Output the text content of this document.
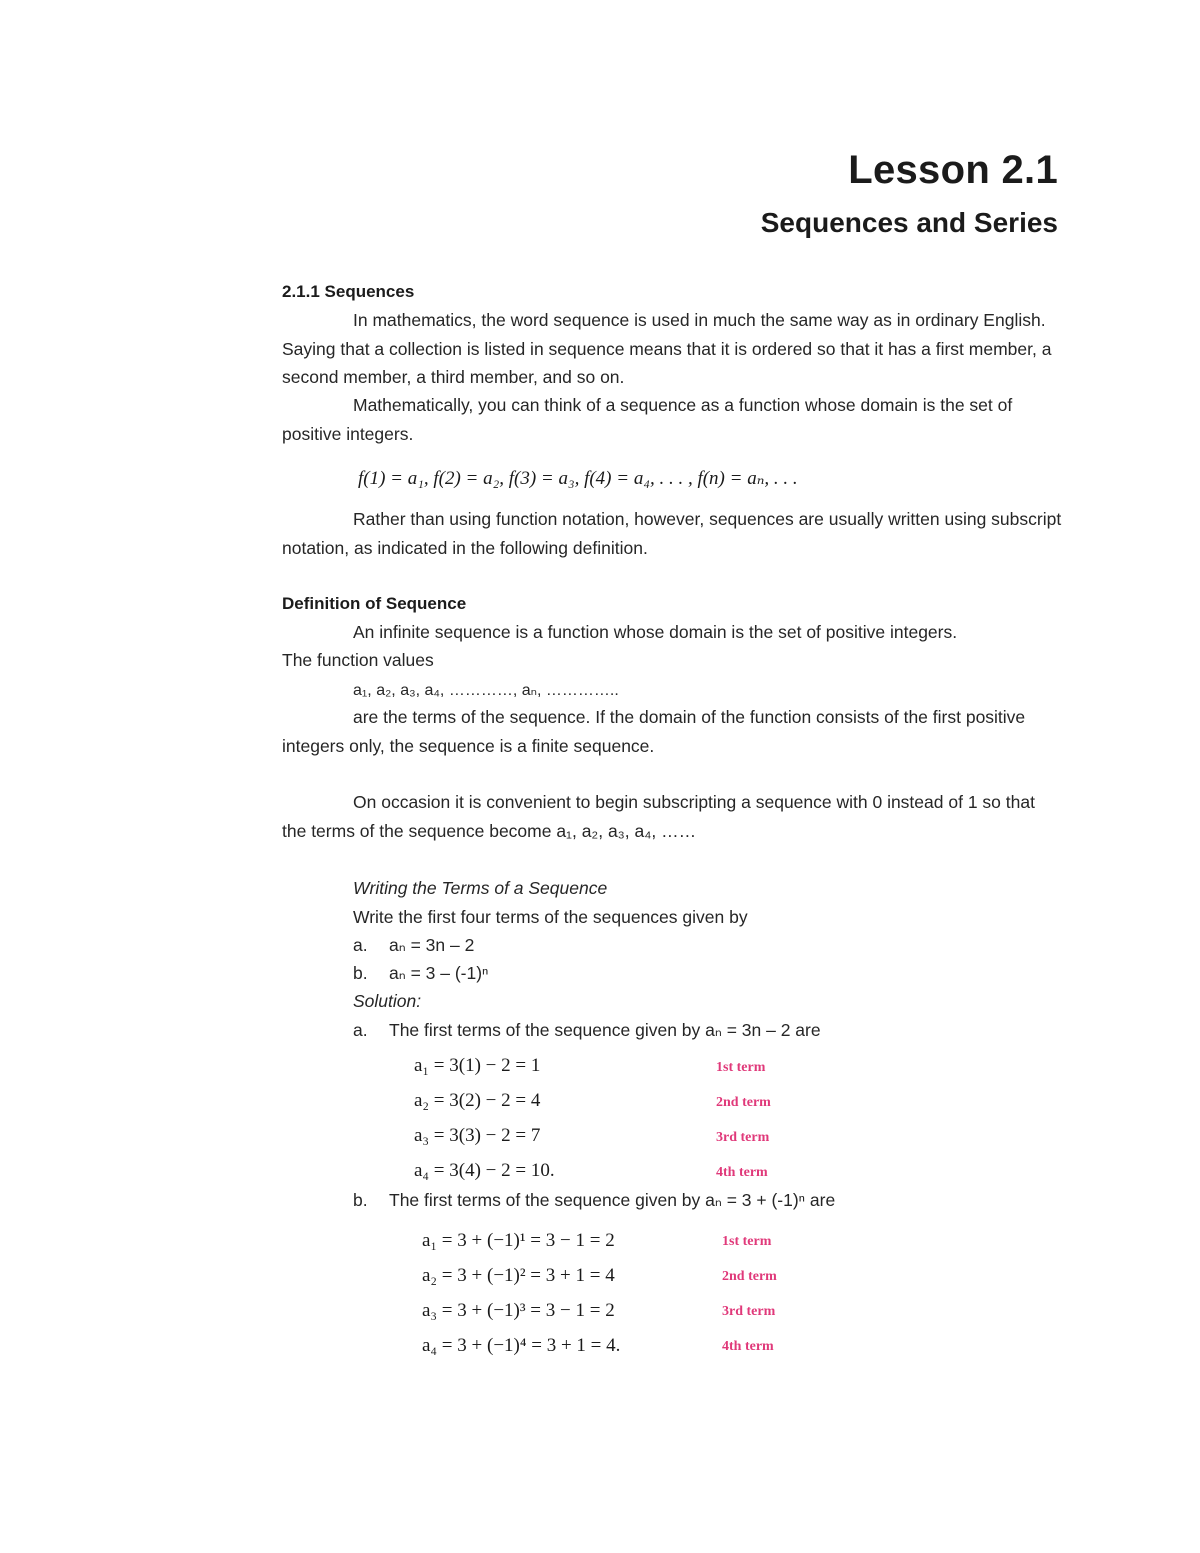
Lesson 2.1
Sequences and Series
2.1.1 Sequences

In mathematics, the word sequence is used in much the same way as in ordinary English. Saying that a collection is listed in sequence means that it is ordered so that it has a first member, a second member, a third member, and so on.

Mathematically, you can think of a sequence as a function whose domain is the set of positive integers.

f(1) = a₁, f(2) = a₂, f(3) = a₃, f(4) = a₄, . . . , f(n) = aₙ, . . .

Rather than using function notation, however, sequences are usually written using subscript notation, as indicated in the following definition.

Definition of Sequence

An infinite sequence is a function whose domain is the set of positive integers.

The function values

a₁, a₂, a₃, a₄, …………, aₙ, …………..

are the terms of the sequence. If the domain of the function consists of the first positive integers only, the sequence is a finite sequence.

On occasion it is convenient to begin subscripting a sequence with 0 instead of 1 so that the terms of the sequence become a₁, a₂, a₃, a₄, ……

Writing the Terms of a Sequence
Write the first four terms of the sequences given by
a. aₙ = 3n – 2
b. aₙ = 3 – (-1)ⁿ
Solution:
a. The first terms of the sequence given by aₙ = 3n – 2 are
a₁ = 3(1) − 2 = 1	1st term
a₂ = 3(2) − 2 = 4	2nd term
a₃ = 3(3) − 2 = 7	3rd term
a₄ = 3(4) − 2 = 10.	4th term
b. The first terms of the sequence given by aₙ = 3 + (-1)ⁿ are
a₁ = 3 + (−1)¹ = 3 − 1 = 2	1st term
a₂ = 3 + (−1)² = 3 + 1 = 4	2nd term
a₃ = 3 + (−1)³ = 3 − 1 = 2	3rd term
a₄ = 3 + (−1)⁴ = 3 + 1 = 4.	4th term
